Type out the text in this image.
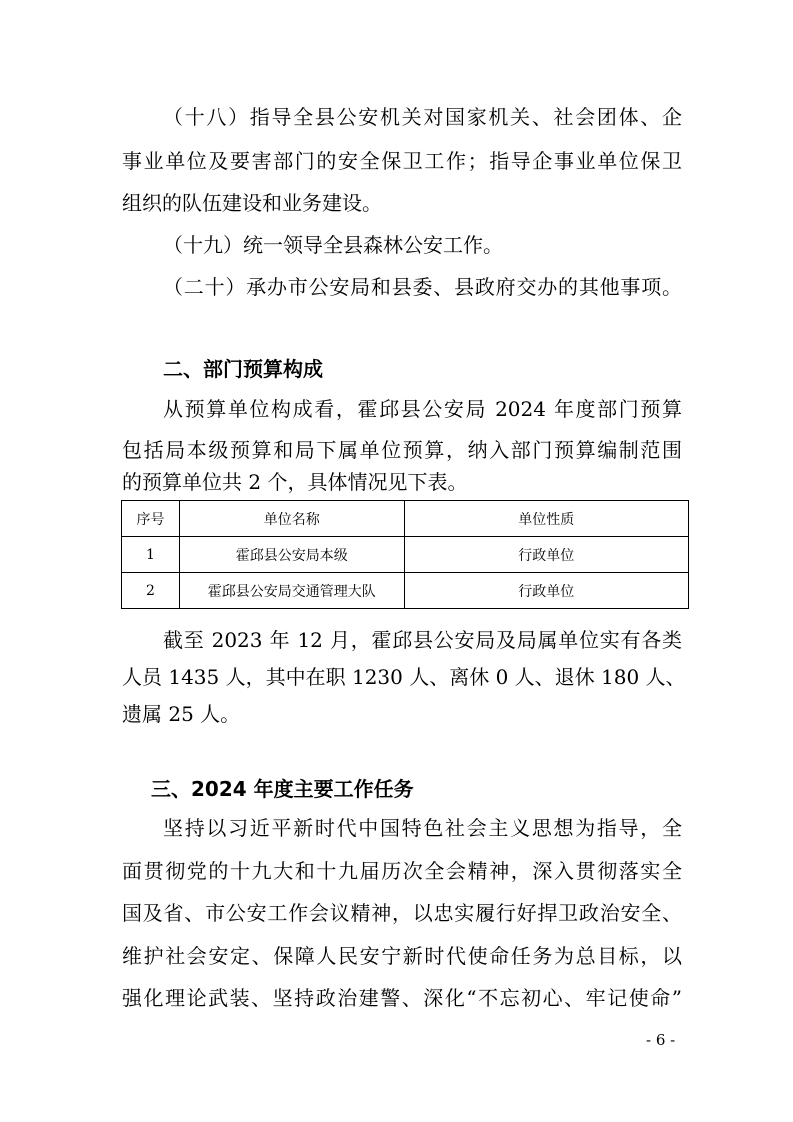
（十八）指导全县公安机关对国家机关、社会团体、企
事业单位及要害部门的安全保卫工作；指导企事业单位保卫
组织的队伍建设和业务建设。
（十九）统一领导全县森林公安工作。
（二十）承办市公安局和县委、县政府交办的其他事项。
二、部门预算构成
从预算单位构成看，霍邱县公安局 2024 年度部门预算
包括局本级预算和局下属单位预算，纳入部门预算编制范围
的预算单位共 2 个，具体情况见下表。
序号	单位名称	单位性质
1	霍邱县公安局本级	行政单位
2	霍邱县公安局交通管理大队	行政单位
截至 2023 年 12 月，霍邱县公安局及局属单位实有各类
人员 1435 人，其中在职 1230 人、离休 0 人、退休 180 人、
遗属 25 人。
三、2024 年度主要工作任务
坚持以习近平新时代中国特色社会主义思想为指导，全
面贯彻党的十九大和十九届历次全会精神，深入贯彻落实全
国及省、市公安工作会议精神，以忠实履行好捍卫政治安全、
维护社会安定、保障人民安宁新时代使命任务为总目标，以
强化理论武装、坚持政治建警、深化“不忘初心、牢记使命”
- 6 -
